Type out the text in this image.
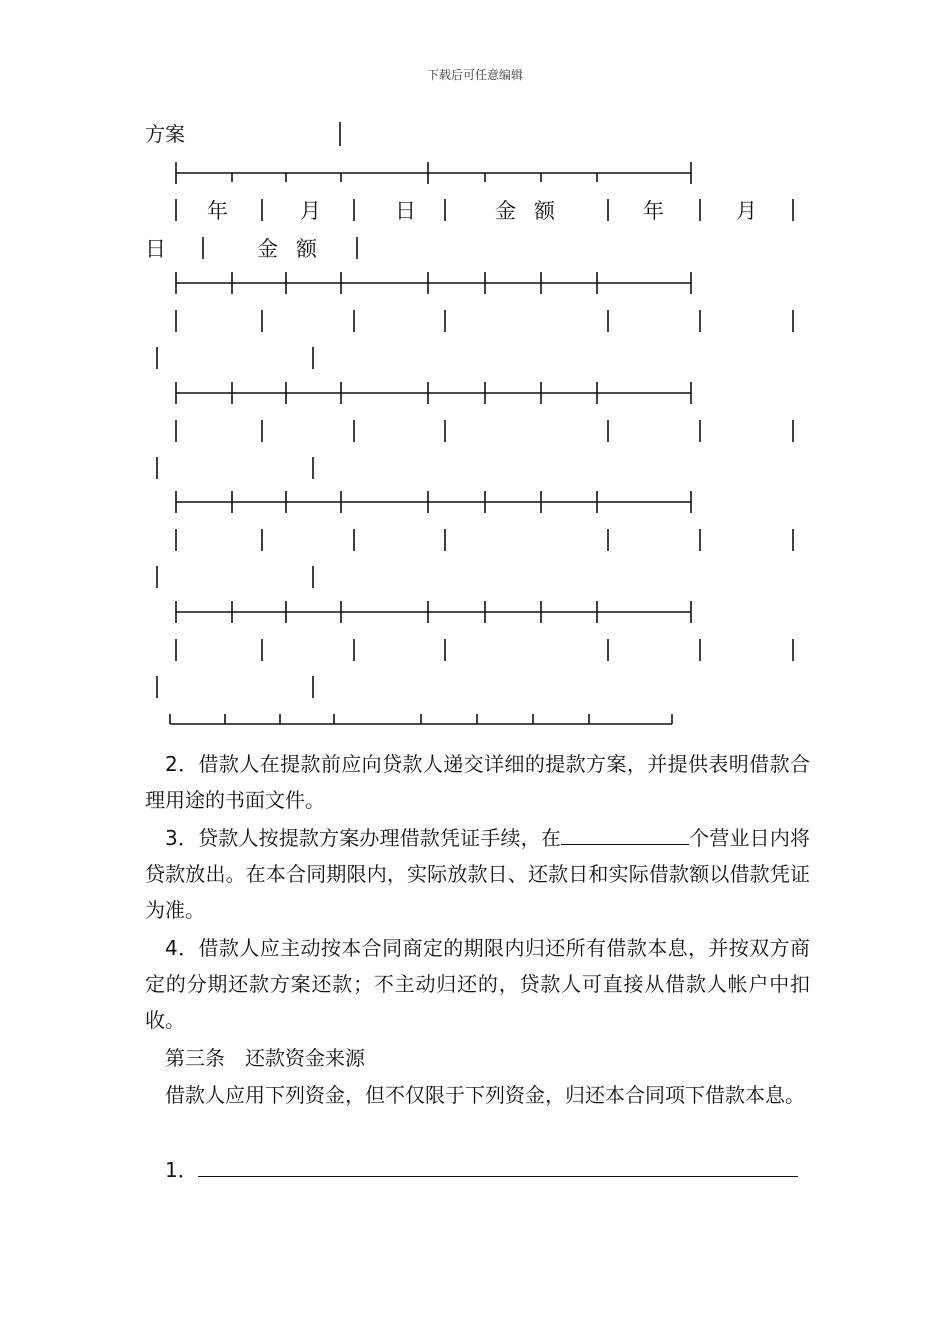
下载后可任意编辑
年	月	日	金额	年	月
日	金额
方案
2．借款人在提款前应向贷款人递交详细的提款方案，并提供表明借款合理用途的书面文件。
3．贷款人按提款方案办理借款凭证手续，在	个营业日内将贷款放出。在本合同期限内，实际放款日、还款日和实际借款额以借款凭证为准。
4．借款人应主动按本合同商定的期限内归还所有借款本息，并按双方商定的分期还款方案还款；不主动归还的，贷款人可直接从借款人帐户中扣收。
第三条　还款资金来源
借款人应用下列资金，但不仅限于下列资金，归还本合同项下借款本息。
1．
